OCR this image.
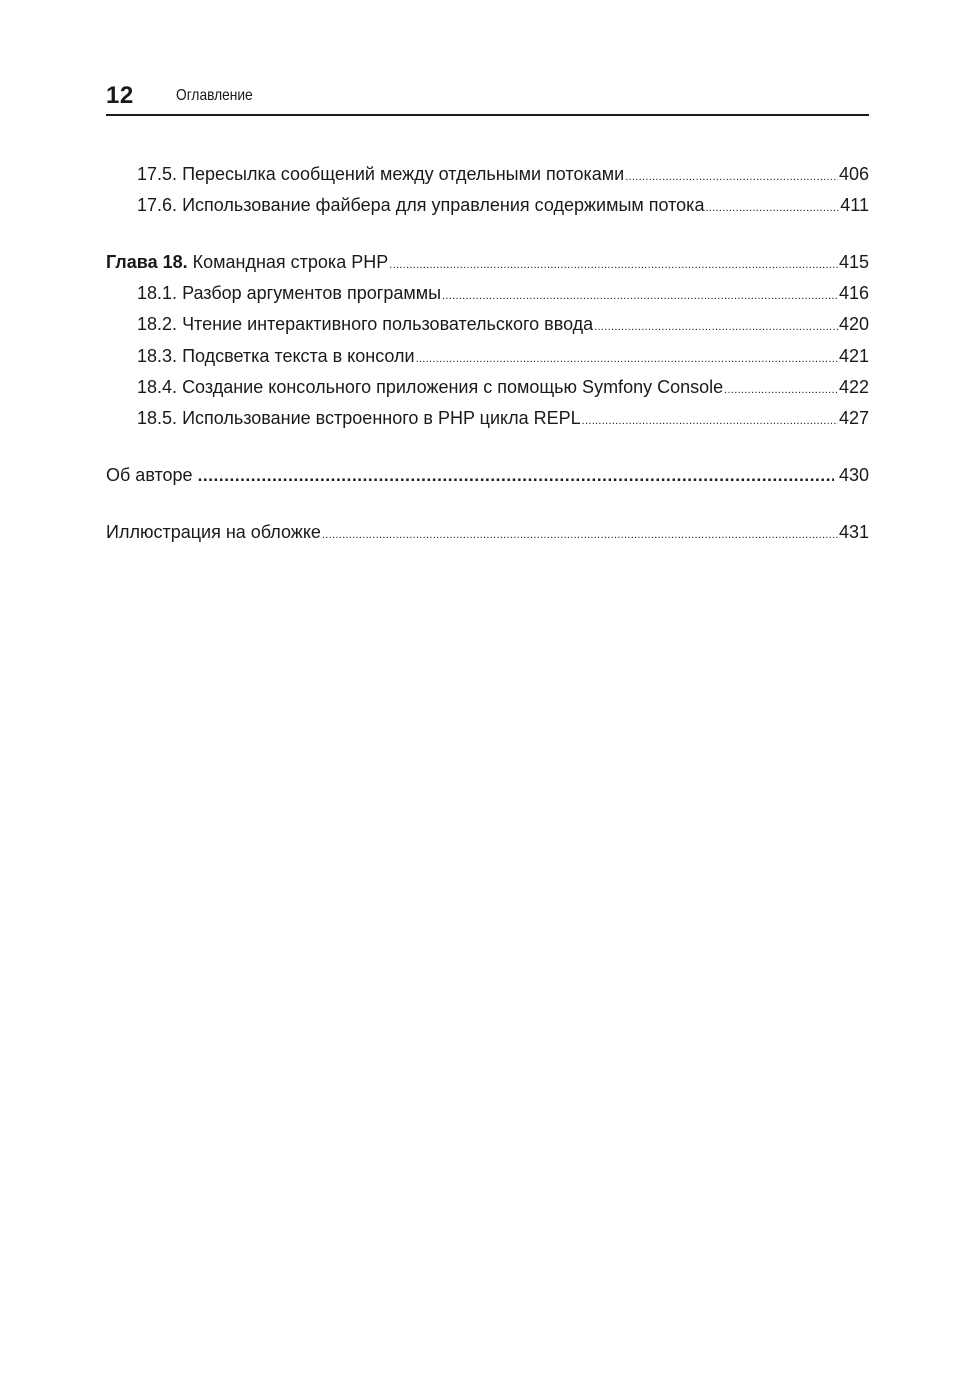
12	Оглавление
17.5. Пересылка сообщений между отдельными потоками .....	406
17.6. Использование файбера для управления содержимым потока .....	411
Глава 18. Командная строка PHP .....	415
18.1. Разбор аргументов программы .....	416
18.2. Чтение интерактивного пользовательского ввода .....	420
18.3. Подсветка текста в консоли .....	421
18.4. Создание консольного приложения с помощью Symfony Console .....	422
18.5. Использование встроенного в PHP цикла REPL .....	427
Об авторе .....	430
Иллюстрация на обложке .....	431
